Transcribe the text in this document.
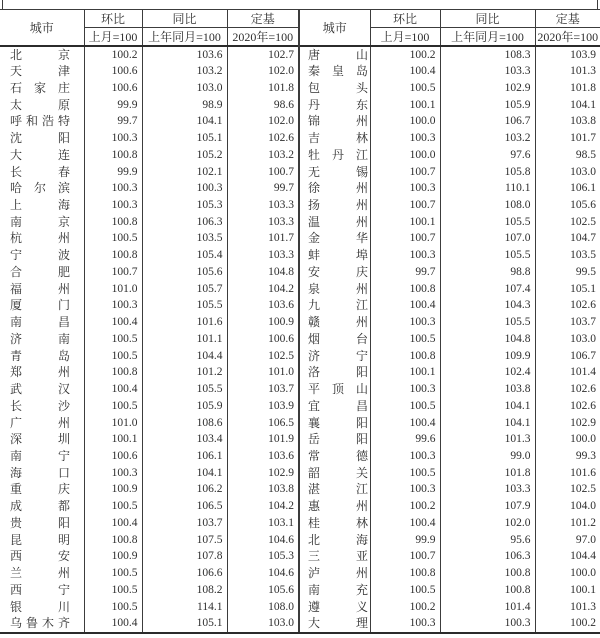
城市	环比	同比	定基
	上月=100	上年同月=100	2020年=100

北 京	100.2	103.6	102.7

天 津	100.6	103.2	102.0

石 家 庄	100.6	103.0	101.8

太 原	99.9	98.9	98.6

呼 和 浩 特	99.7	104.1	102.0

沈 阳	100.3	105.1	102.6

大 连	100.8	105.2	103.2

长 春	99.9	102.1	100.7

哈 尔 滨	100.3	100.3	99.7

上 海	100.3	105.3	103.3

南 京	100.8	106.3	103.3

杭 州	100.5	103.5	101.7

宁 波	100.8	105.4	103.3

合 肥	100.7	105.6	104.8

福 州	101.0	105.7	104.2

厦 门	100.3	105.5	103.6

南 昌	100.4	101.6	100.9

济 南	100.5	101.1	100.6

青 岛	100.5	104.4	102.5

郑 州	100.8	101.2	101.0

武 汉	100.4	105.5	103.7

长 沙	100.5	105.9	103.9

广 州	101.0	108.6	106.5

深 圳	100.1	103.4	101.9

南 宁	100.6	106.1	103.6

海 口	100.3	104.1	102.9

重 庆	100.9	106.2	103.8

成 都	100.5	106.5	104.2

贵 阳	100.4	103.7	103.1

昆 明	100.8	107.5	104.6

西 安	100.9	107.8	105.3

兰 州	100.5	106.6	104.6

西 宁	100.5	108.2	105.6

银 川	100.5	114.1	108.0

乌 鲁 木 齐	100.4	105.1	103.0
城市	环比	同比	定基
	上月=100	上年同月=100	2020年=100

唐 山	100.2	108.3	103.9

秦 皇 岛	100.4	103.3	101.3

包 头	100.5	102.9	101.8

丹 东	100.1	105.9	104.1

锦 州	100.0	106.7	103.8

吉 林	100.3	103.2	101.7

牡 丹 江	100.0	97.6	98.5

无 锡	100.7	105.8	103.0

徐 州	100.3	110.1	106.1

扬 州	100.7	108.0	105.6

温 州	100.1	105.5	102.5

金 华	100.7	107.0	104.7

蚌 埠	100.3	105.5	103.5

安 庆	99.7	98.8	99.5

泉 州	100.8	107.4	105.1

九 江	100.4	104.3	102.6

赣 州	100.3	105.5	103.7

烟 台	100.5	104.8	103.0

济 宁	100.8	109.9	106.7

洛 阳	100.1	102.4	101.4

平 顶 山	100.3	103.8	102.6

宜 昌	100.5	104.1	102.6

襄 阳	100.4	104.1	102.9

岳 阳	99.6	101.3	100.0

常 德	100.3	99.0	99.3

韶 关	100.5	101.8	101.6

湛 江	100.3	103.3	102.5

惠 州	100.2	107.9	104.0

桂 林	100.4	102.0	101.2

北 海	99.9	95.6	97.0

三 亚	100.7	106.3	104.4

泸 州	100.8	100.8	100.0

南 充	100.5	100.8	100.1

遵 义	100.2	101.4	101.3

大 理	100.3	100.3	100.2
